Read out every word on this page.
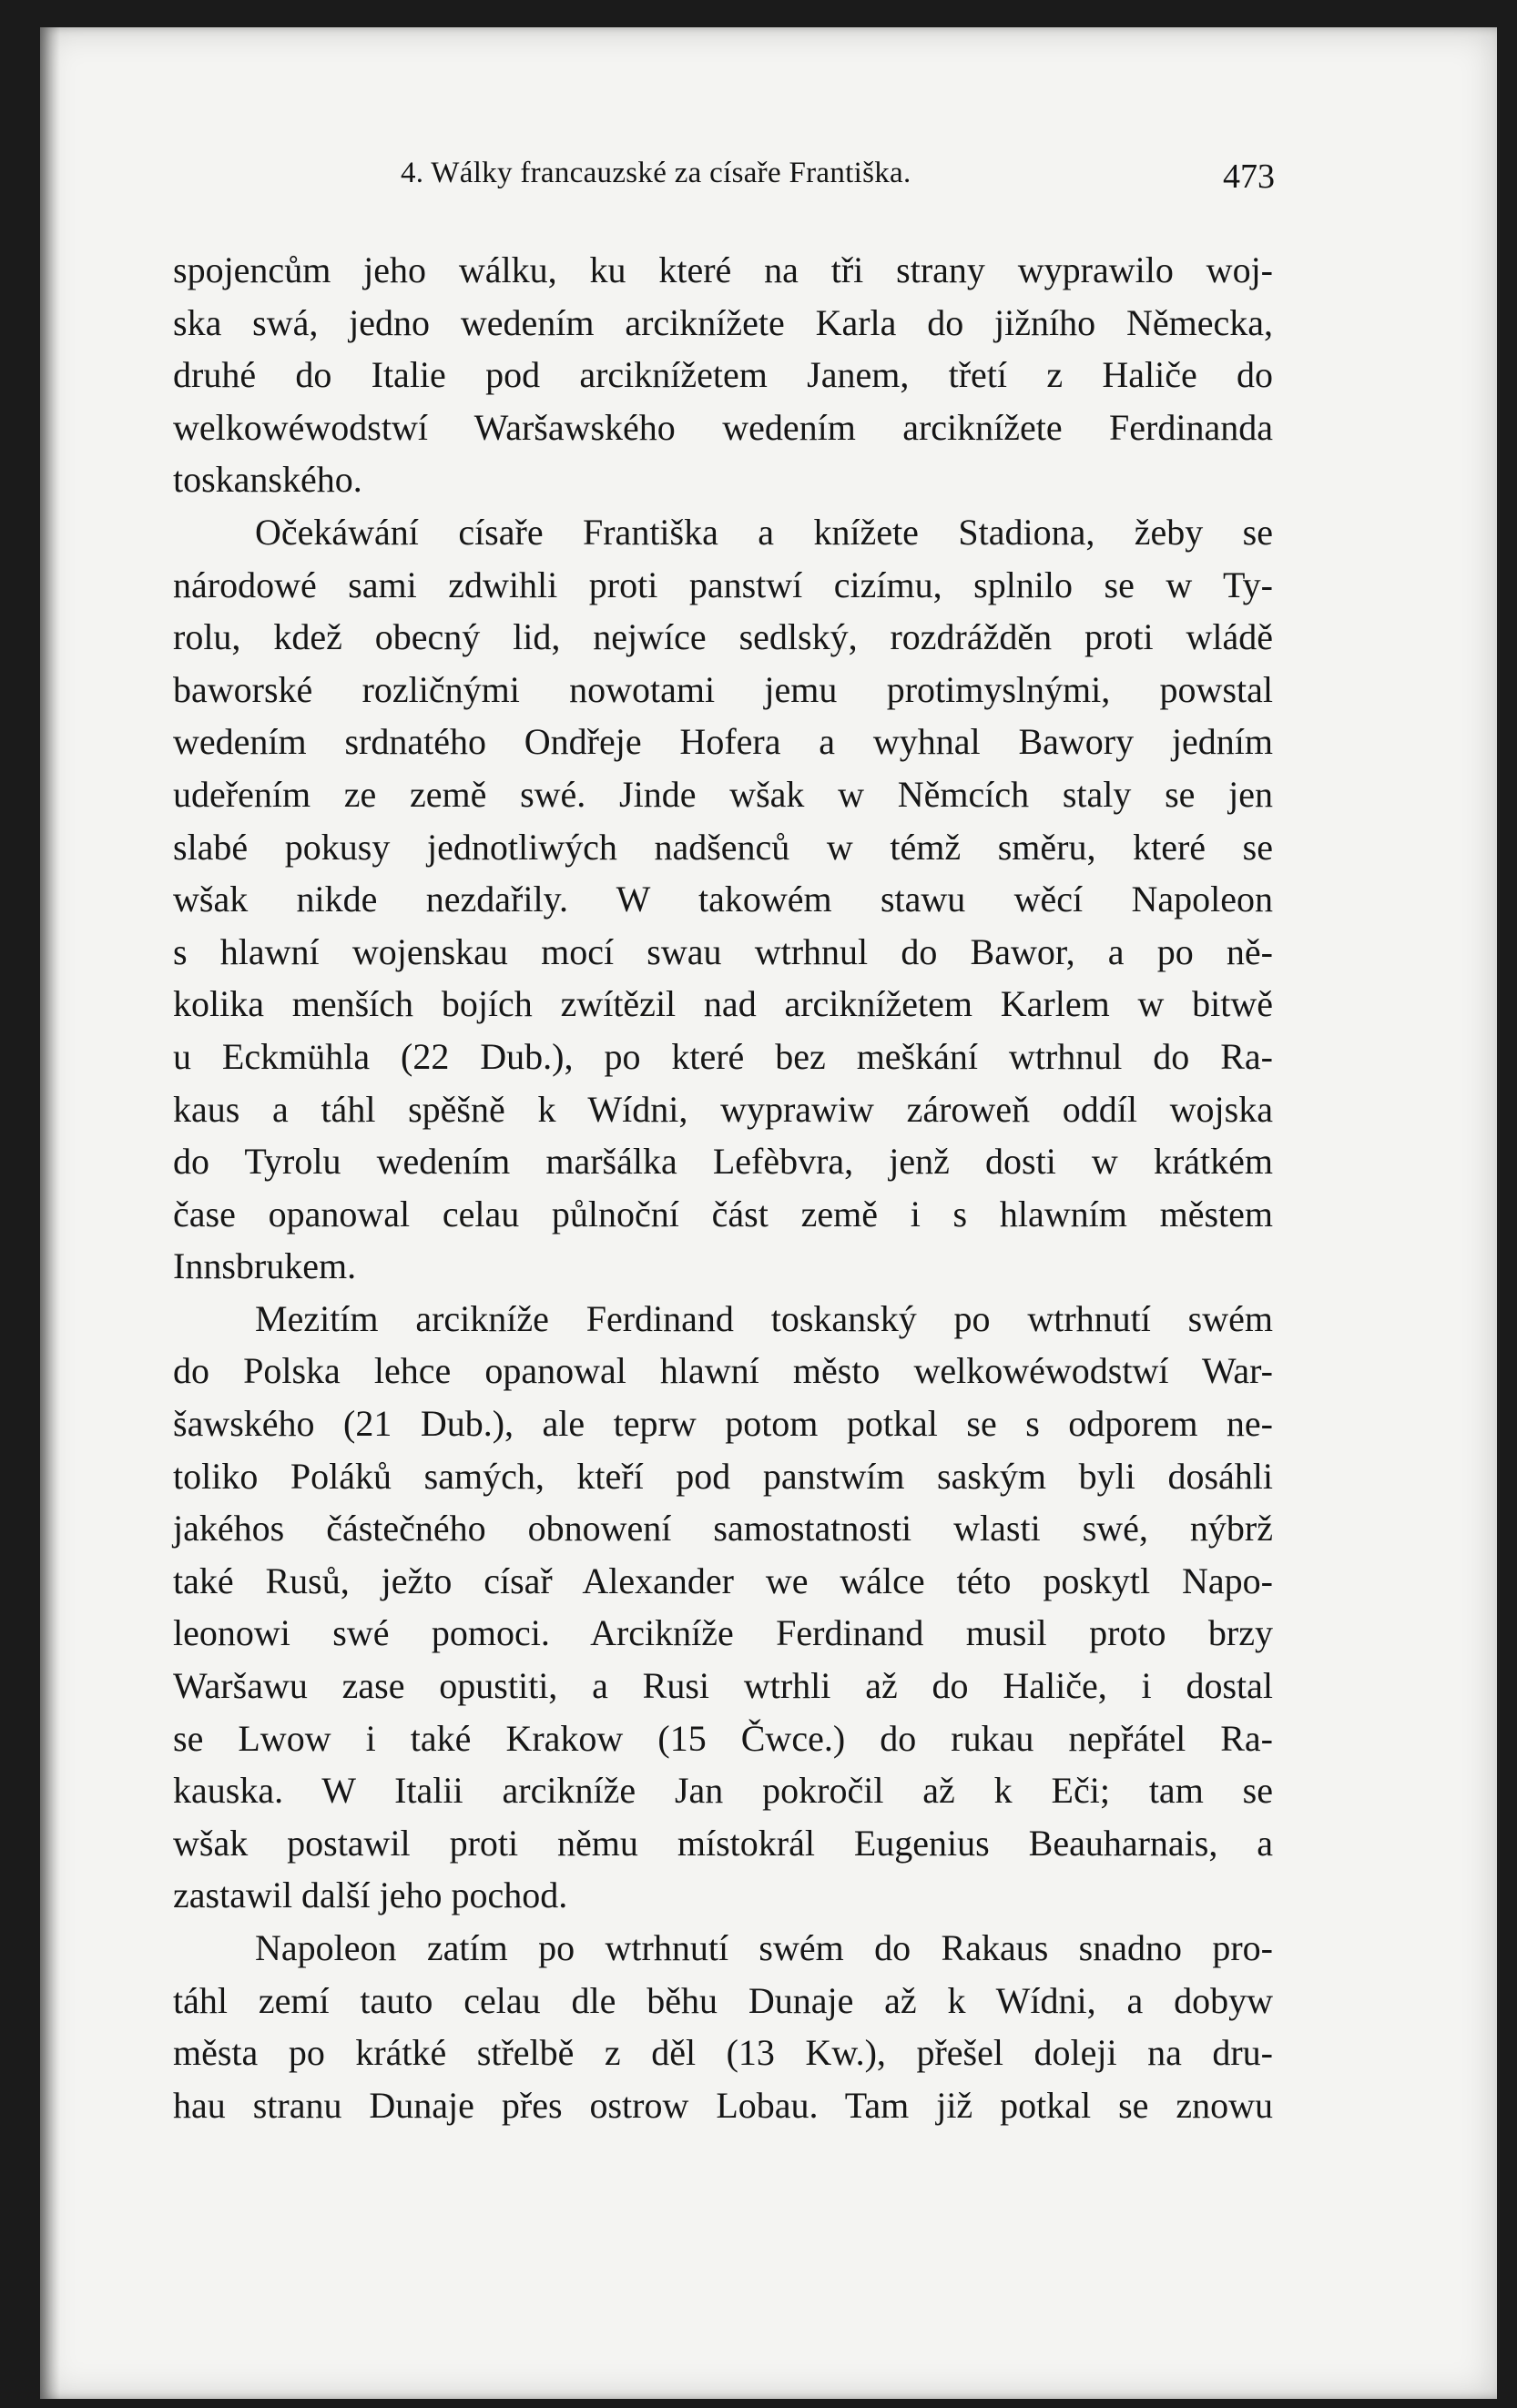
4. Wálky francauzské za císaře Františka.	473
spojencům jeho wálku, ku které na tři strany wyprawilo woj-
ska swá, jedno wedením arciknížete Karla do jižního Německa,
druhé do Italie pod arciknížetem Janem, třetí z Haliče do
welkowéwodstwí Waršawského wedením arciknížete Ferdinanda
toskanského.
Očekáwání císaře Františka a knížete Stadiona, žeby se
národowé sami zdwihli proti panstwí cizímu, splnilo se w Ty-
rolu, kdež obecný lid, nejwíce sedlský, rozdrážděn proti wládě
baworské rozličnými nowotami jemu protimyslnými, powstal
wedením srdnatého Ondřeje Hofera a wyhnal Bawory jedním
udeřením ze země swé. Jinde wšak w Němcích staly se jen
slabé pokusy jednotliwých nadšenců w témž směru, které se
wšak nikde nezdařily. W takowém stawu wěcí Napoleon
s hlawní wojenskau mocí swau wtrhnul do Bawor, a po ně-
kolika menších bojích zwítězil nad arciknížetem Karlem w bitwě
u Eckmühla (22 Dub.), po které bez meškání wtrhnul do Ra-
kaus a táhl spěšně k Wídni, wyprawiw zároweň oddíl wojska
do Tyrolu wedením maršálka Lefèbvra, jenž dosti w krátkém
čase opanowal celau půlnoční část země i s hlawním městem
Innsbrukem.
Mezitím arcikníže Ferdinand toskanský po wtrhnutí swém
do Polska lehce opanowal hlawní město welkowéwodstwí War-
šawského (21 Dub.), ale teprw potom potkal se s odporem ne-
toliko Poláků samých, kteří pod panstwím saským byli dosáhli
jakéhos částečného obnowení samostatnosti wlasti swé, nýbrž
také Rusů, ježto císař Alexander we wálce této poskytl Napo-
leonowi swé pomoci. Arcikníže Ferdinand musil proto brzy
Waršawu zase opustiti, a Rusi wtrhli až do Haliče, i dostal
se Lwow i také Krakow (15 Čwce.) do rukau nepřátel Ra-
kauska. W Italii arcikníže Jan pokročil až k Eči; tam se
wšak postawil proti němu místokrál Eugenius Beauharnais, a
zastawil další jeho pochod.
Napoleon zatím po wtrhnutí swém do Rakaus snadno pro-
táhl zemí tauto celau dle běhu Dunaje až k Wídni, a dobyw
města po krátké střelbě z děl (13 Kw.), přešel doleji na dru-
hau stranu Dunaje přes ostrow Lobau. Tam již potkal se znowu
